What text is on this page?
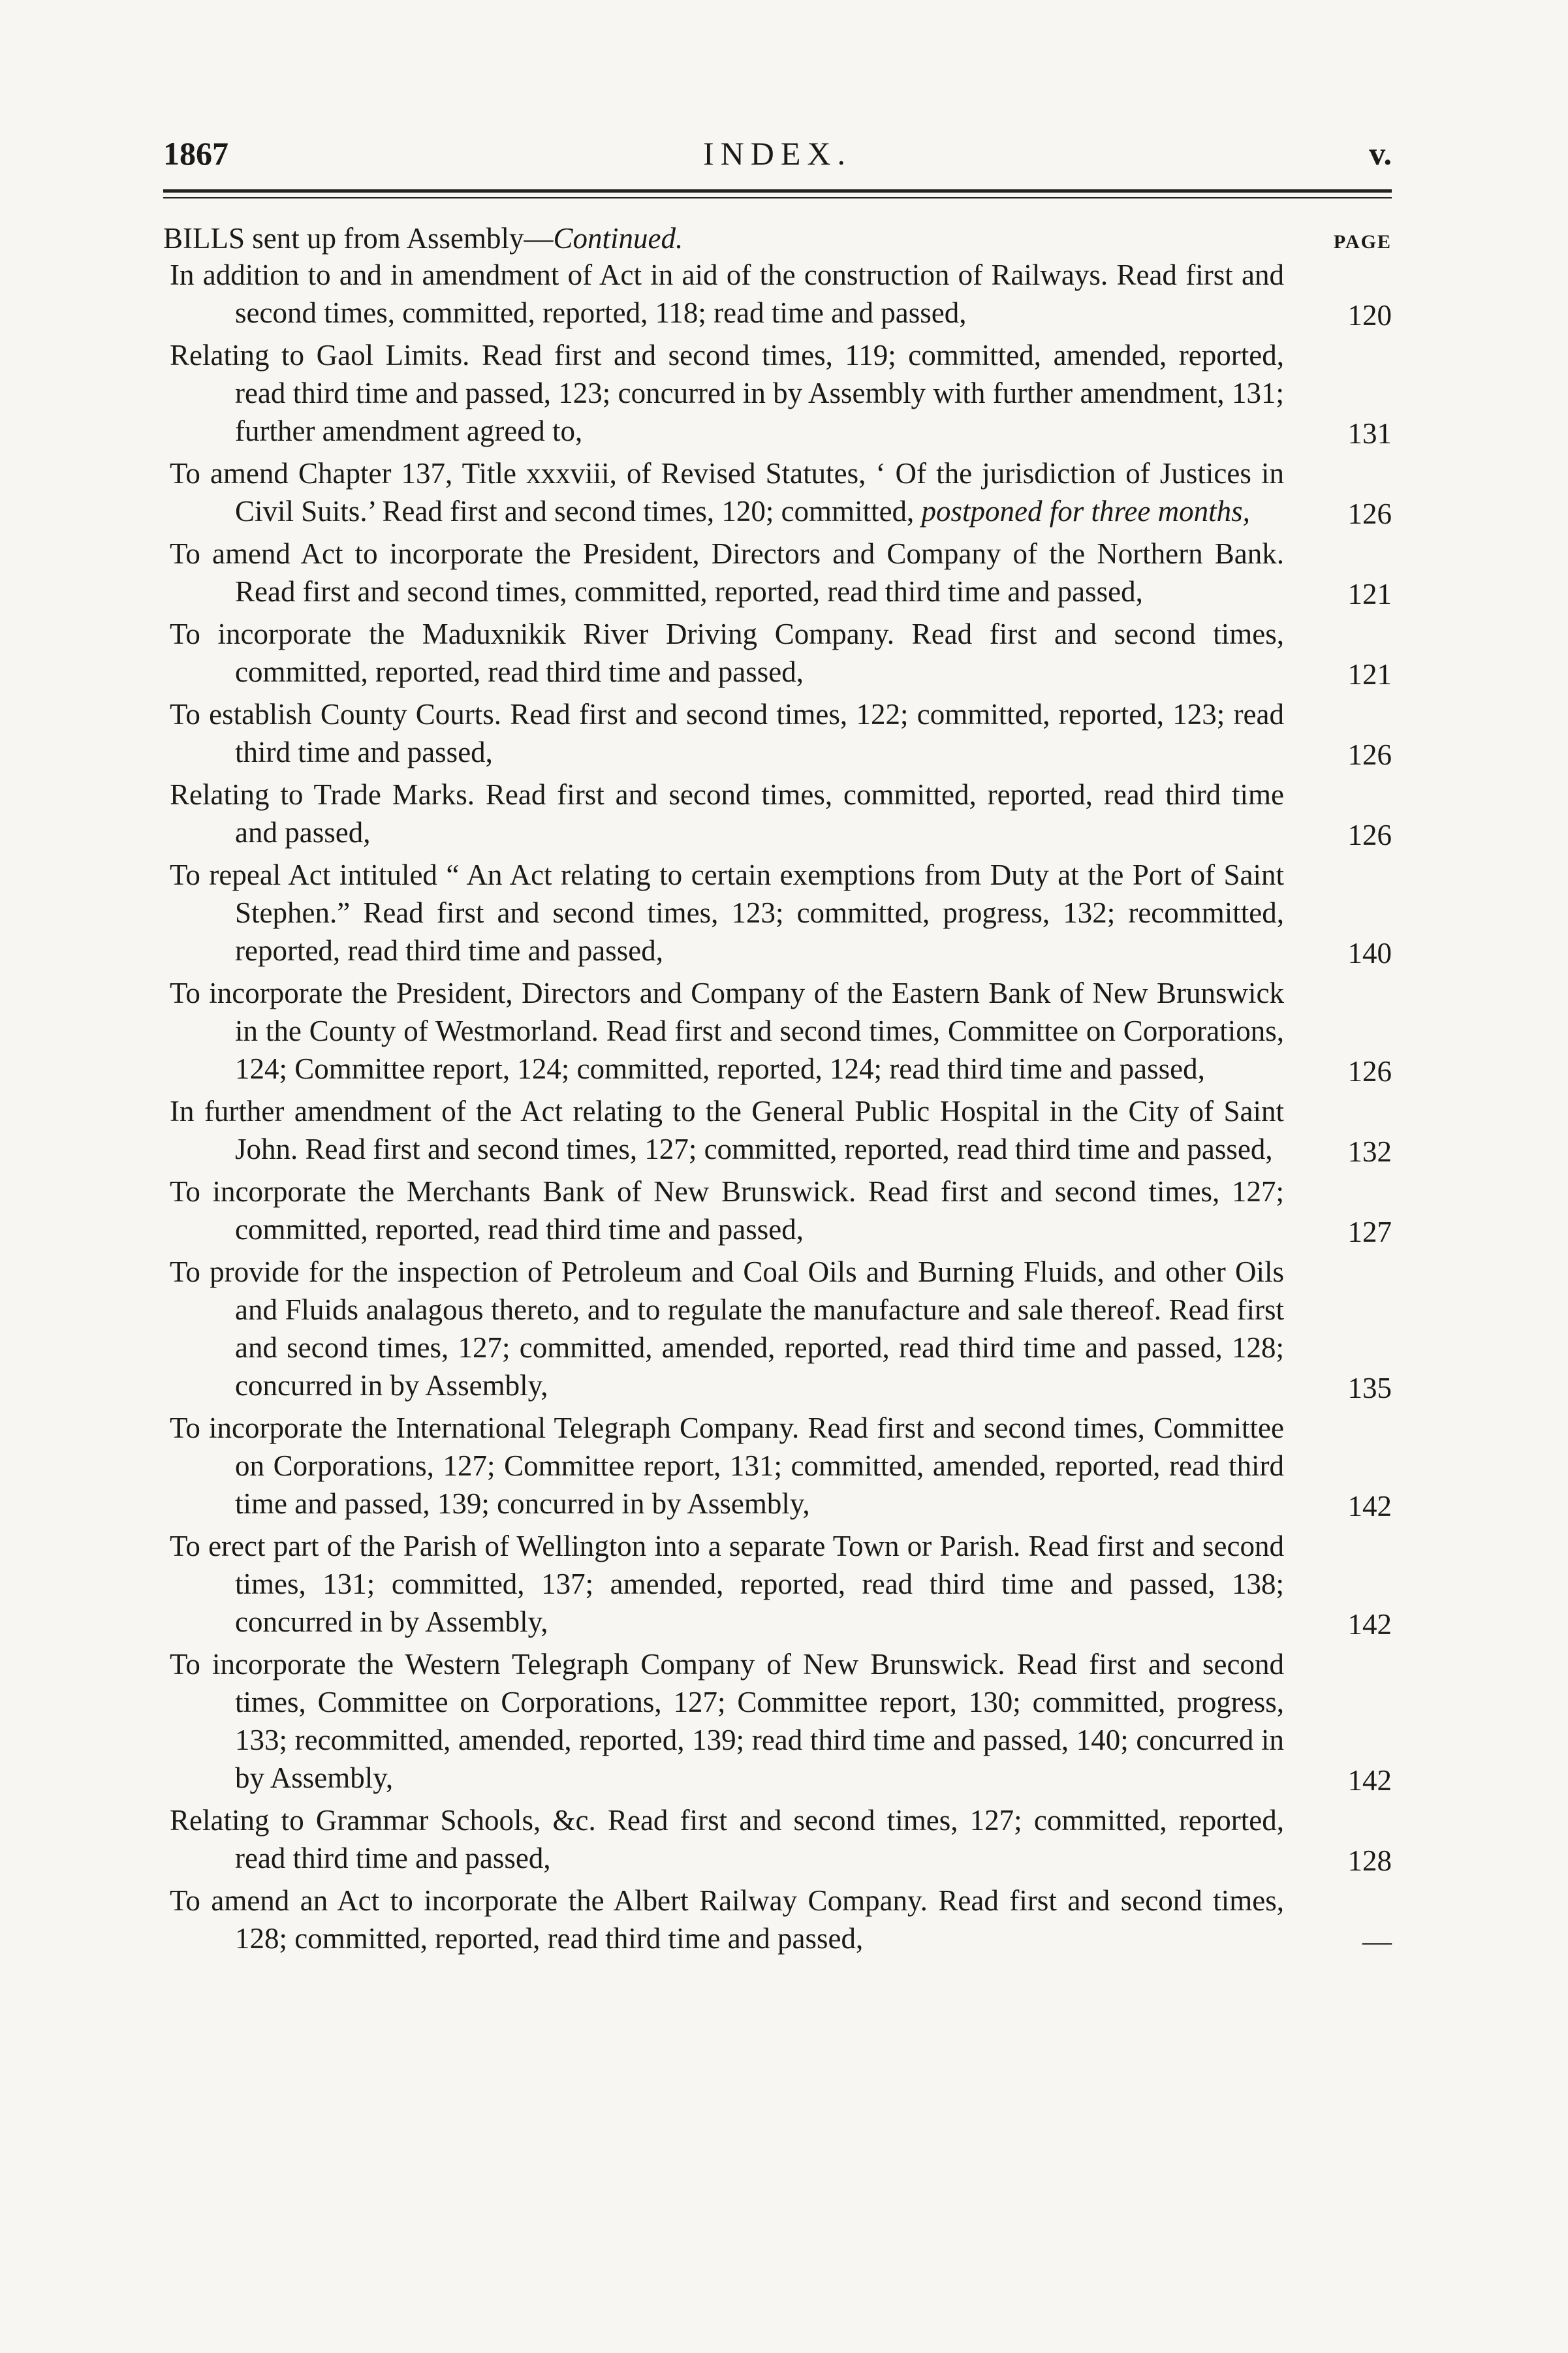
1867	INDEX.	v.
BILLS sent up from Assembly—Continued.	PAGE
In addition to and in amendment of Act in aid of the construction of Railways. Read first and second times, committed, reported, 118; read time and passed,	120
Relating to Gaol Limits. Read first and second times, 119; committed, amended, reported, read third time and passed, 123; concurred in by Assembly with further amendment, 131; further amendment agreed to,	131
To amend Chapter 137, Title xxxviii, of Revised Statutes, ‘ Of the jurisdiction of Justices in Civil Suits.’ Read first and second times, 120; committed, postponed for three months,	126
To amend Act to incorporate the President, Directors and Company of the Northern Bank. Read first and second times, committed, reported, read third time and passed,	121
To incorporate the Maduxnikik River Driving Company. Read first and second times, committed, reported, read third time and passed,	121
To establish County Courts. Read first and second times, 122; committed, reported, 123; read third time and passed,	126
Relating to Trade Marks. Read first and second times, committed, reported, read third time and passed,	126
To repeal Act intituled “ An Act relating to certain exemptions from Duty at the Port of Saint Stephen.” Read first and second times, 123; committed, progress, 132; recommitted, reported, read third time and passed,	140
To incorporate the President, Directors and Company of the Eastern Bank of New Brunswick in the County of Westmorland. Read first and second times, Committee on Corporations, 124; Committee report, 124; committed, reported, 124; read third time and passed,	126
In further amendment of the Act relating to the General Public Hospital in the City of Saint John. Read first and second times, 127; committed, reported, read third time and passed,	132
To incorporate the Merchants Bank of New Brunswick. Read first and second times, 127; committed, reported, read third time and passed,	127
To provide for the inspection of Petroleum and Coal Oils and Burning Fluids, and other Oils and Fluids analagous thereto, and to regulate the manufacture and sale thereof. Read first and second times, 127; committed, amended, reported, read third time and passed, 128; concurred in by Assembly,	135
To incorporate the International Telegraph Company. Read first and second times, Committee on Corporations, 127; Committee report, 131; committed, amended, reported, read third time and passed, 139; concurred in by Assembly,	142
To erect part of the Parish of Wellington into a separate Town or Parish. Read first and second times, 131; committed, 137; amended, reported, read third time and passed, 138; concurred in by Assembly,	142
To incorporate the Western Telegraph Company of New Brunswick. Read first and second times, Committee on Corporations, 127; Committee report, 130; committed, progress, 133; recommitted, amended, reported, 139; read third time and passed, 140; concurred in by Assembly,	142
Relating to Grammar Schools, &c. Read first and second times, 127; committed, reported, read third time and passed,	128
To amend an Act to incorporate the Albert Railway Company. Read first and second times, 128; committed, reported, read third time and passed,	—
